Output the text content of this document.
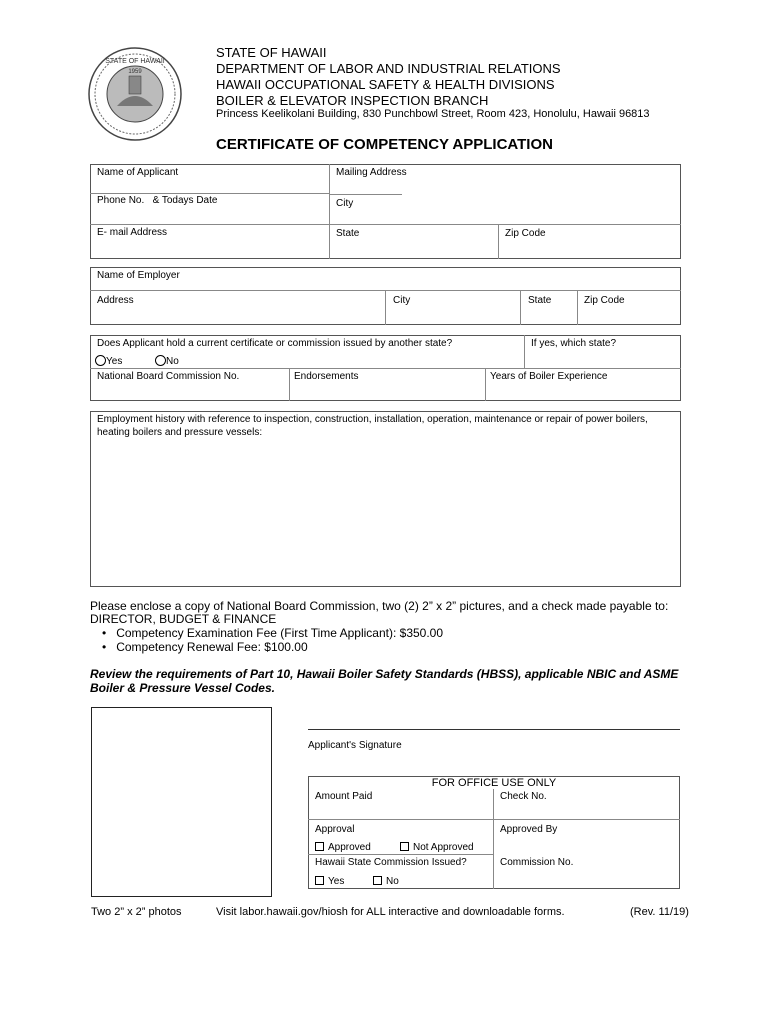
STATE OF HAWAII
1959
STATE OF HAWAII
DEPARTMENT OF LABOR AND INDUSTRIAL RELATIONS
HAWAII OCCUPATIONAL SAFETY & HEALTH DIVISIONS
BOILER & ELEVATOR INSPECTION BRANCH
Princess Keelikolani Building, 830 Punchbowl Street, Room 423, Honolulu, Hawaii 96813
CERTIFICATE OF COMPETENCY APPLICATION
Name of Applicant	Mailing Address
Phone No.   & Todays Date	City
E- mail Address	State	Zip Code
Name of Employer
Address	City	State	Zip Code
Does Applicant hold a current certificate or commission issued by another state?	If yes, which state?
Yes	No
National Board Commission No.	Endorsements	Years of Boiler Experience
Employment history with reference to inspection, construction, installation, operation, maintenance or repair of power boilers,
heating boilers and pressure vessels:
Please enclose a copy of National Board Commission, two (2) 2” x 2” pictures, and a check made payable to:
DIRECTOR, BUDGET & FINANCE
•   Competency Examination Fee (First Time Applicant): $350.00
•   Competency Renewal Fee: $100.00
Review the requirements of Part 10, Hawaii Boiler Safety Standards (HBSS), applicable NBIC and ASME
Boiler & Pressure Vessel Codes.
Applicant's Signature
FOR OFFICE USE ONLY
Amount Paid	Check No.
Approval	Approved By
Approved	Not Approved
Hawaii State Commission Issued?	Commission No.
Yes	No
Two 2” x 2” photos	Visit labor.hawaii.gov/hiosh for ALL interactive and downloadable forms.	(Rev. 11/19)
